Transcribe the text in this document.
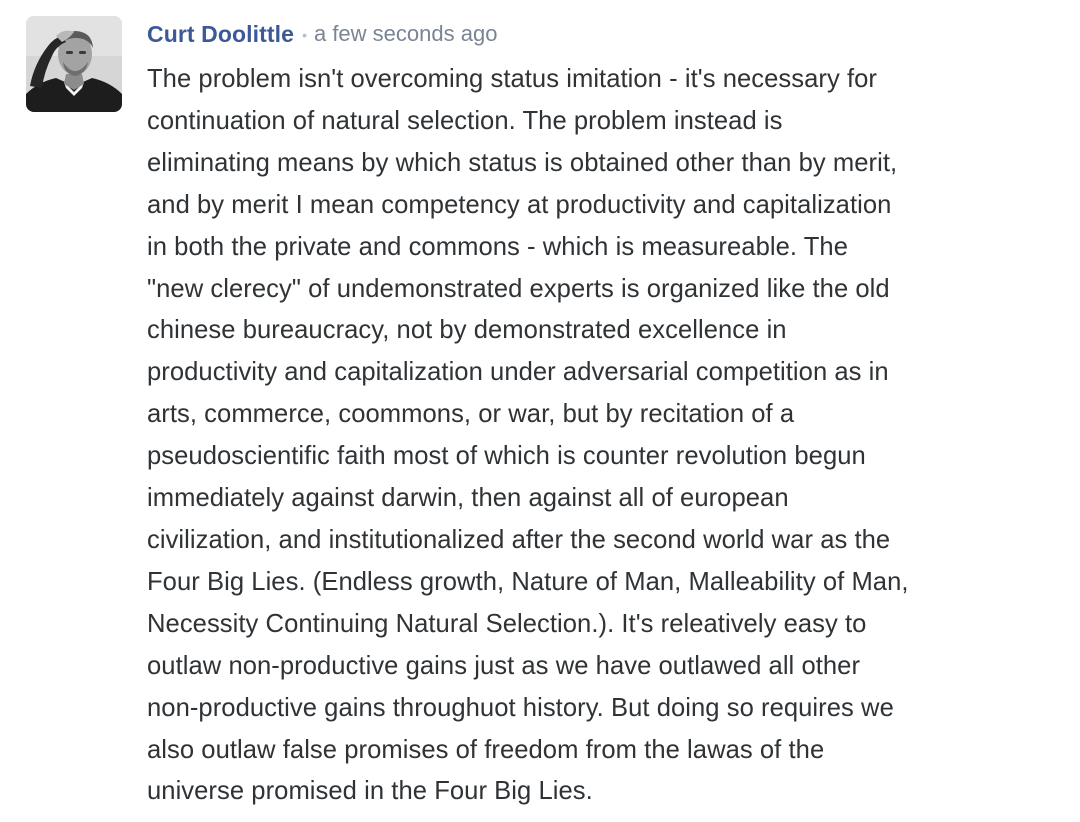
Curt Doolittle • a few seconds ago

The problem isn't overcoming status imitation - it's necessary for
continuation of natural selection. The problem instead is
eliminating means by which status is obtained other than by merit,
and by merit I mean competency at productivity and capitalization
in both the private and commons - which is measureable. The
"new clerecy" of undemonstrated experts is organized like the old
chinese bureaucracy, not by demonstrated excellence in
productivity and capitalization under adversarial competition as in
arts, commerce, coommons, or war, but by recitation of a
pseudoscientific faith most of which is counter revolution begun
immediately against darwin, then against all of european
civilization, and institutionalized after the second world war as the
Four Big Lies. (Endless growth, Nature of Man, Malleability of Man,
Necessity Continuing Natural Selection.). It's releatively easy to
outlaw non-productive gains just as we have outlawed all other
non-productive gains throughuot history. But doing so requires we
also outlaw false promises of freedom from the lawas of the
universe promised in the Four Big Lies.
